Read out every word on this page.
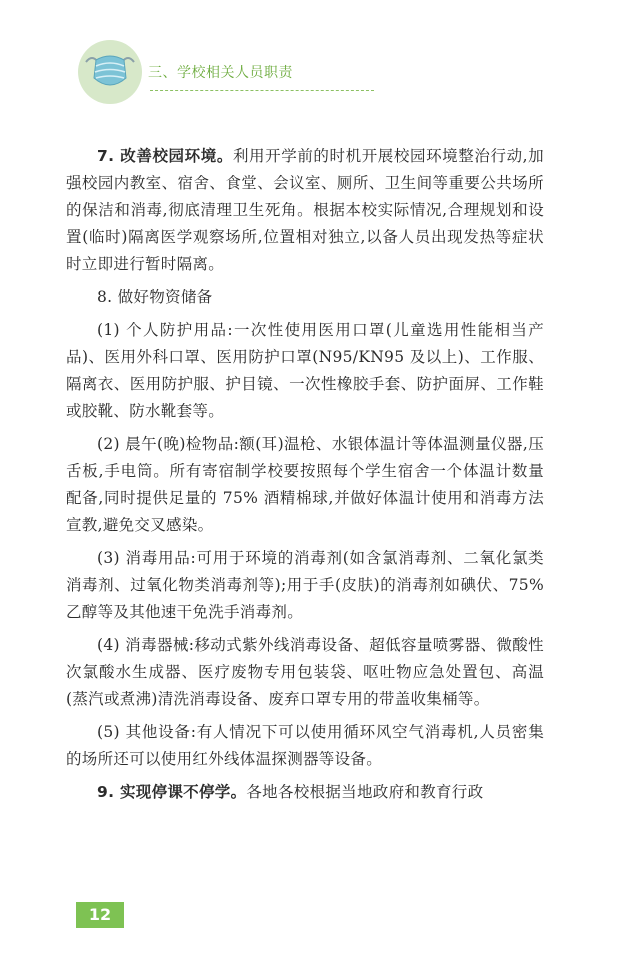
三、学校相关人员职责

7. 改善校园环境。利用开学前的时机开展校园环境整治行动,加强校园内教室、宿舍、食堂、会议室、厕所、卫生间等重要公共场所的保洁和消毒,彻底清理卫生死角。根据本校实际情况,合理规划和设置(临时)隔离医学观察场所,位置相对独立,以备人员出现发热等症状时立即进行暂时隔离。

8. 做好物资储备

(1) 个人防护用品:一次性使用医用口罩(儿童选用性能相当产品)、医用外科口罩、医用防护口罩(N95/KN95 及以上)、工作服、隔离衣、医用防护服、护目镜、一次性橡胶手套、防护面屏、工作鞋或胶靴、防水靴套等。

(2) 晨午(晚)检物品:额(耳)温枪、水银体温计等体温测量仪器,压舌板,手电筒。所有寄宿制学校要按照每个学生宿舍一个体温计数量配备,同时提供足量的 75% 酒精棉球,并做好体温计使用和消毒方法宣教,避免交叉感染。

(3) 消毒用品:可用于环境的消毒剂(如含氯消毒剂、二氧化氯类消毒剂、过氧化物类消毒剂等);用于手(皮肤)的消毒剂如碘伏、75% 乙醇等及其他速干免洗手消毒剂。

(4) 消毒器械:移动式紫外线消毒设备、超低容量喷雾器、微酸性次氯酸水生成器、医疗废物专用包装袋、呕吐物应急处置包、高温(蒸汽或煮沸)清洗消毒设备、废弃口罩专用的带盖收集桶等。

(5) 其他设备:有人情况下可以使用循环风空气消毒机,人员密集的场所还可以使用红外线体温探测器等设备。

9. 实现停课不停学。各地各校根据当地政府和教育行政

12
